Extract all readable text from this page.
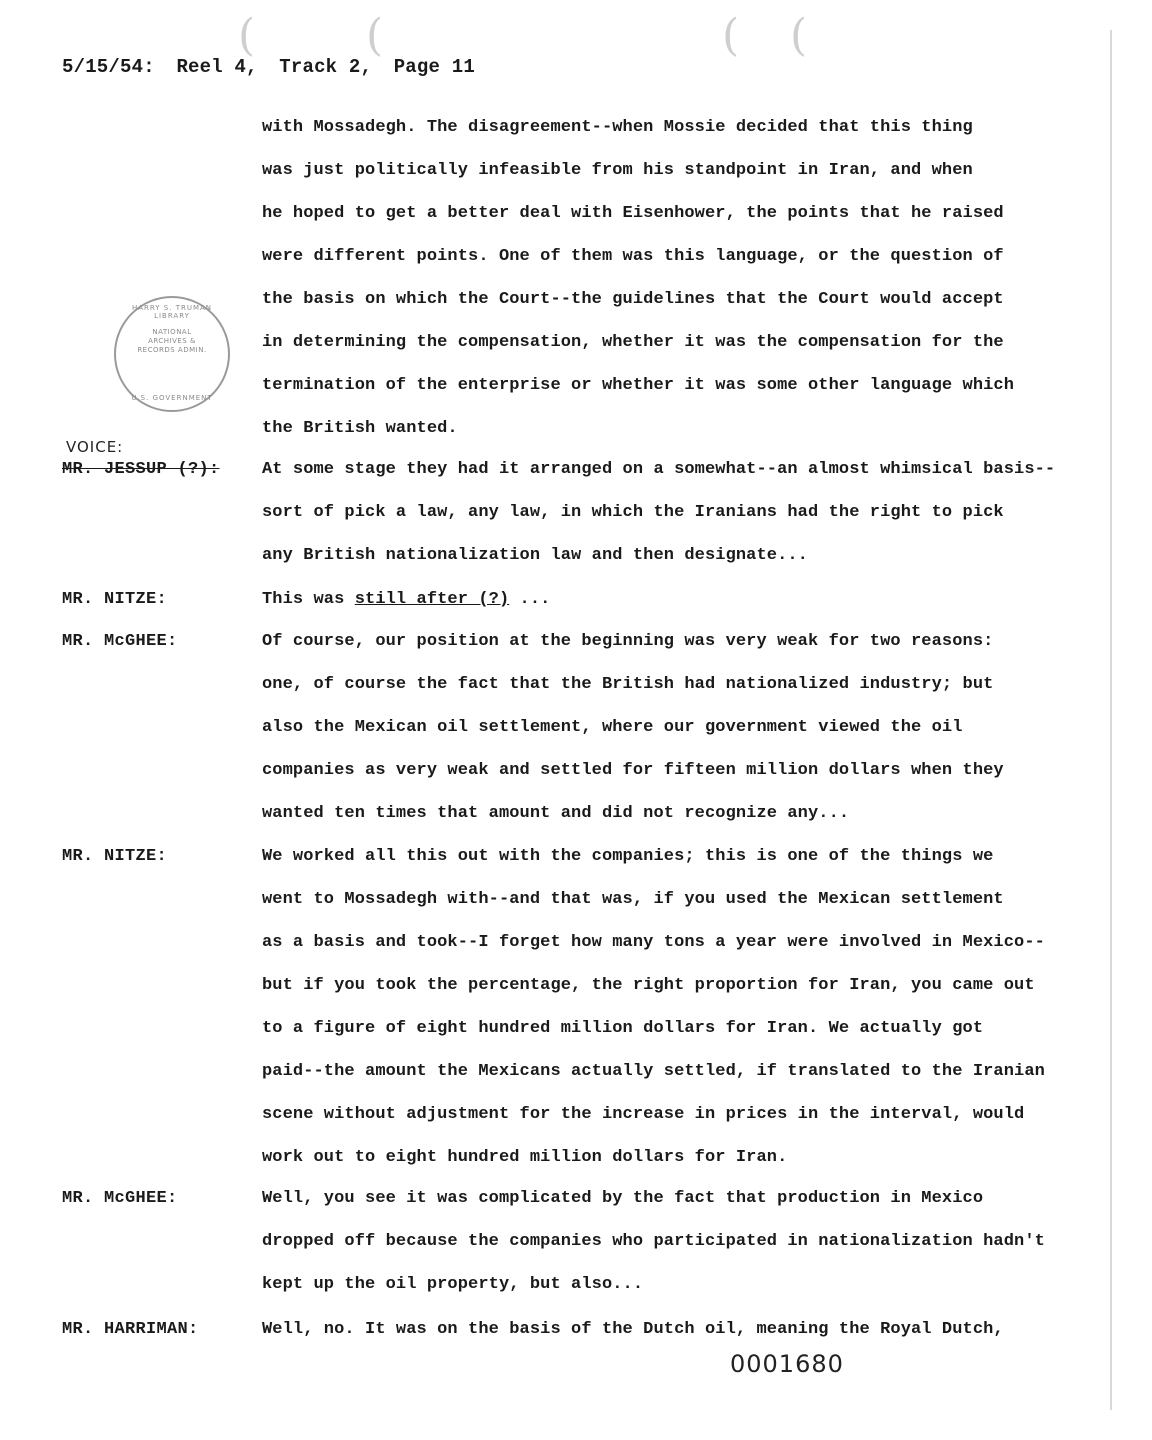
(	(	( (
5/15/54: Reel 4, Track 2, Page 11
HARRY S. TRUMAN LIBRARY
NATIONAL ARCHIVES & RECORDS ADMIN.
U.S. GOVERNMENT
with Mossadegh. The disagreement--when Mossie decided that this thing
was just politically infeasible from his standpoint in Iran, and when
he hoped to get a better deal with Eisenhower, the points that he raised
were different points. One of them was this language, or the question of
the basis on which the Court--the guidelines that the Court would accept
in determining the compensation, whether it was the compensation for the
termination of the enterprise or whether it was some other language which
the British wanted.
VOICE:
MR. JESSUP (?): At some stage they had it arranged on a somewhat--an almost whimsical basis--
sort of pick a law, any law, in which the Iranians had the right to pick
any British nationalization law and then designate...
MR. NITZE:	This was still after (?) ...
MR. McGHEE:	Of course, our position at the beginning was very weak for two reasons:
one, of course the fact that the British had nationalized industry; but
also the Mexican oil settlement, where our government viewed the oil
companies as very weak and settled for fifteen million dollars when they
wanted ten times that amount and did not recognize any...
MR. NITZE:	We worked all this out with the companies; this is one of the things we
went to Mossadegh with--and that was, if you used the Mexican settlement
as a basis and took--I forget how many tons a year were involved in Mexico--
but if you took the percentage, the right proportion for Iran, you came out
to a figure of eight hundred million dollars for Iran. We actually got
paid--the amount the Mexicans actually settled, if translated to the Iranian
scene without adjustment for the increase in prices in the interval, would
work out to eight hundred million dollars for Iran.
MR. McGHEE:	Well, you see it was complicated by the fact that production in Mexico
dropped off because the companies who participated in nationalization hadn't
kept up the oil property, but also...
MR. HARRIMAN:	Well, no. It was on the basis of the Dutch oil, meaning the Royal Dutch,
0001680
